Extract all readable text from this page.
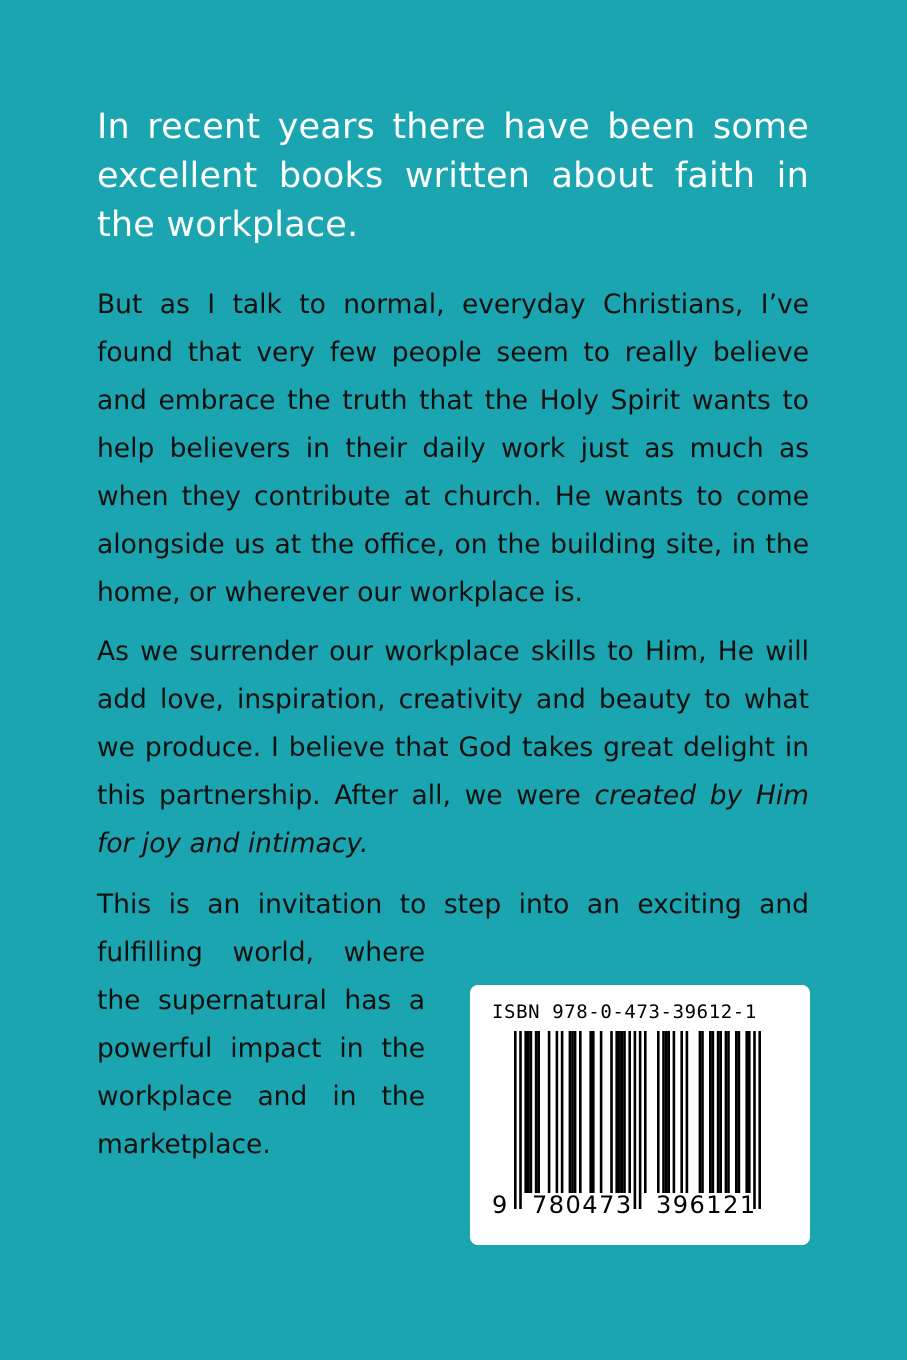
In recent years there have been some excellent books written about faith in the workplace.
But as I talk to normal, everyday Christians, I’ve found that very few people seem to really believe and embrace the truth that the Holy Spirit wants to help believers in their daily work just as much as when they contribute at church. He wants to come alongside us at the office, on the building site, in the home, or wherever our workplace is.
As we surrender our workplace skills to Him, He will add love, inspiration, creativity and beauty to what we produce. I believe that God takes great delight in this partnership. After all, we were created by Him for joy and intimacy.
This is an invitation to step into an exciting and
fulfilling world, where the supernatural has a powerful impact in the workplace and in the marketplace.
ISBN 978-0-473-39612-1
9 780473 396121
